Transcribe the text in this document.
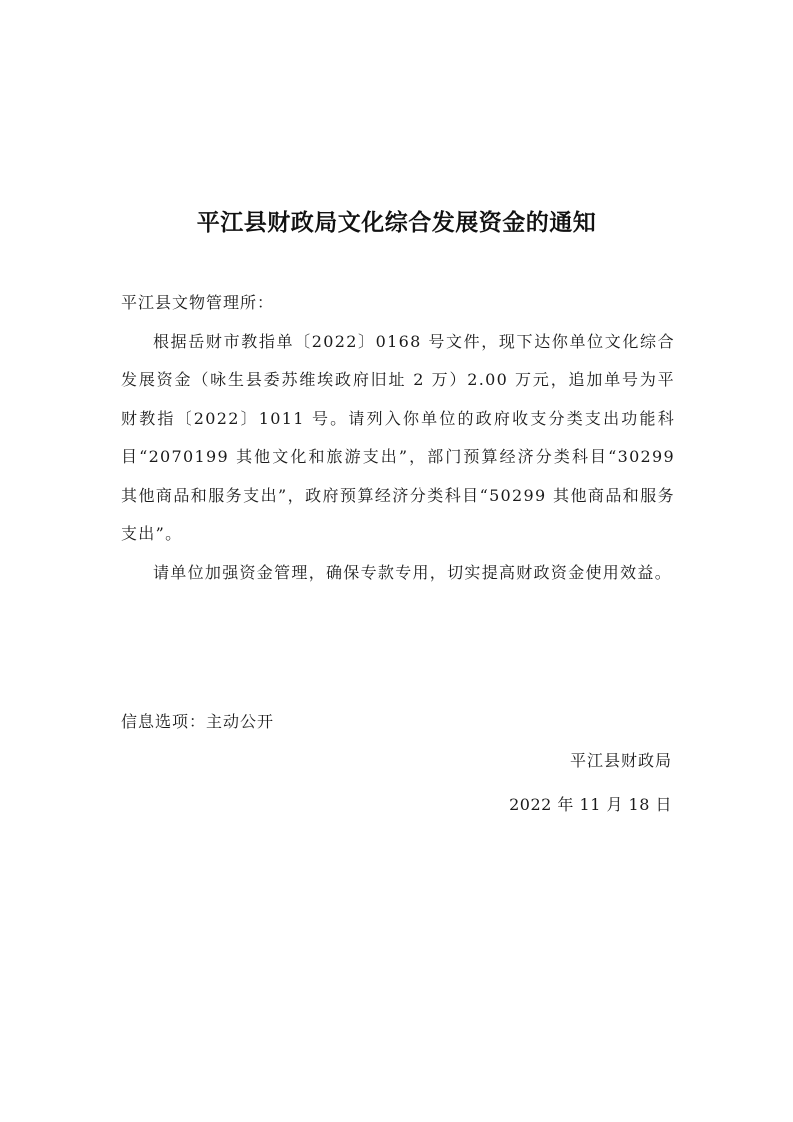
平江县财政局文化综合发展资金的通知

平江县文物管理所：

根据岳财市教指单〔2022〕0168 号文件，现下达你单位文化综合发展资金（咏生县委苏维埃政府旧址 2 万）2.00 万元，追加单号为平财教指〔2022〕1011 号。请列入你单位的政府收支分类支出功能科目“2070199 其他文化和旅游支出”，部门预算经济分类科目“30299 其他商品和服务支出”，政府预算经济分类科目“50299 其他商品和服务支出”。

请单位加强资金管理，确保专款专用，切实提高财政资金使用效益。

信息选项：主动公开

平江县财政局

2022 年 11 月 18 日
